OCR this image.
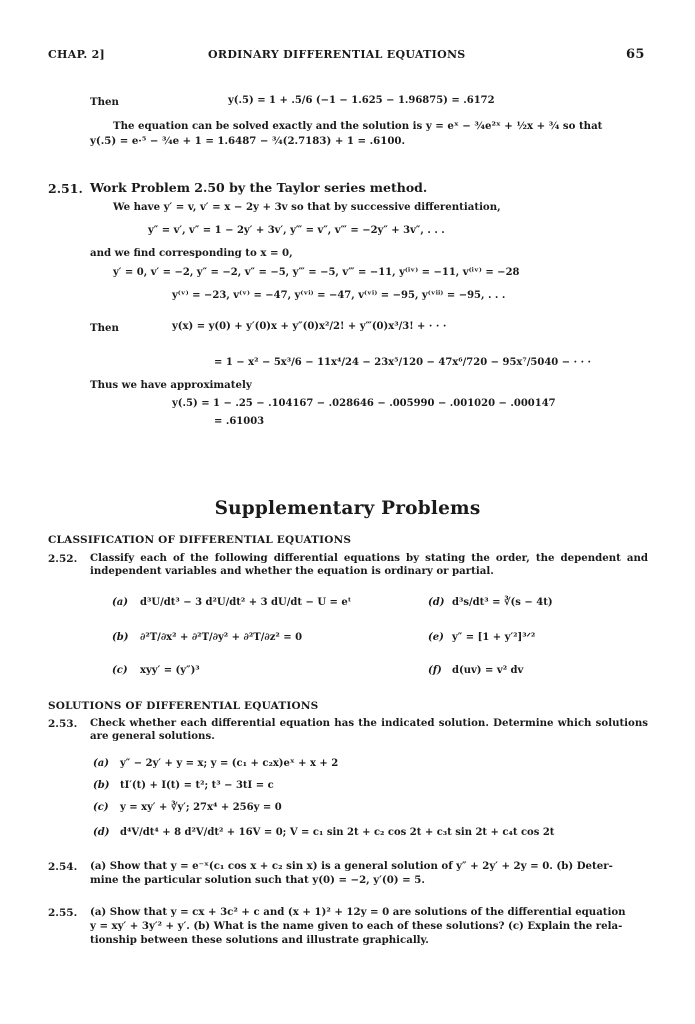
CHAP. 2]	ORDINARY DIFFERENTIAL EQUATIONS	65
Then	y(.5) = 1 + .5/6 (−1 − 1.625 − 1.96875) = .6172
The equation can be solved exactly and the solution is y = eˣ − ¾e²ˣ + ½x + ¾ so that
y(.5) = e·⁵ − ¾e + 1 = 1.6487 − ¾(2.7183) + 1 = .6100.
2.51. Work Problem 2.50 by the Taylor series method.
We have y′ = v, v′ = x − 2y + 3v so that by successive differentiation,
y″ = v′, v″ = 1 − 2y′ + 3v′, y‴ = v″, v‴ = −2y″ + 3v″, . . .
and we find corresponding to x = 0,
y′ = 0, v′ = −2, y″ = −2, v″ = −5, y‴ = −5, v‴ = −11, y⁽ⁱᵛ⁾ = −11, v⁽ⁱᵛ⁾ = −28
y⁽ᵛ⁾ = −23, v⁽ᵛ⁾ = −47, y⁽ᵛⁱ⁾ = −47, v⁽ᵛⁱ⁾ = −95, y⁽ᵛⁱⁱ⁾ = −95, . . .
Then	y(x) = y(0) + y′(0)x + y″(0)x²/2! + y‴(0)x³/3! + · · ·
= 1 − x² − 5x³/6 − 11x⁴/24 − 23x⁵/120 − 47x⁶/720 − 95x⁷/5040 − · · ·
Thus we have approximately
y(.5) = 1 − .25 − .104167 − .028646 − .005990 − .001020 − .000147
= .61003
Supplementary Problems
CLASSIFICATION OF DIFFERENTIAL EQUATIONS
2.52. Classify each of the following differential equations by stating the order, the dependent and independent variables and whether the equation is ordinary or partial.
(a) d³U/dt³ − 3 d²U/dt² + 3 dU/dt − U = eᵗ	(d) d³s/dt³ = ∛(s − 4t)
(b) ∂²T/∂x² + ∂²T/∂y² + ∂²T/∂z² = 0	(e) y″ = [1 + y′²]³ᐟ²
(c) xyy′ = (y″)³	(f) d(uv) = v² dv
SOLUTIONS OF DIFFERENTIAL EQUATIONS
2.53. Check whether each differential equation has the indicated solution. Determine which solutions are general solutions.
(a) y″ − 2y′ + y = x; y = (c₁ + c₂x)eˣ + x + 2
(b) tI′(t) + I(t) = t²; t³ − 3tI = c
(c) y = xy′ + ∛y′; 27x⁴ + 256y = 0
(d) d⁴V/dt⁴ + 8 d²V/dt² + 16V = 0; V = c₁ sin 2t + c₂ cos 2t + c₃t sin 2t + c₄t cos 2t
2.54. (a) Show that y = e⁻ˣ(c₁ cos x + c₂ sin x) is a general solution of y″ + 2y′ + 2y = 0. (b) Deter-
mine the particular solution such that y(0) = −2, y′(0) = 5.
2.55. (a) Show that y = cx + 3c² + c and (x + 1)² + 12y = 0 are solutions of the differential equation
y = xy′ + 3y′² + y′. (b) What is the name given to each of these solutions? (c) Explain the rela-
tionship between these solutions and illustrate graphically.
